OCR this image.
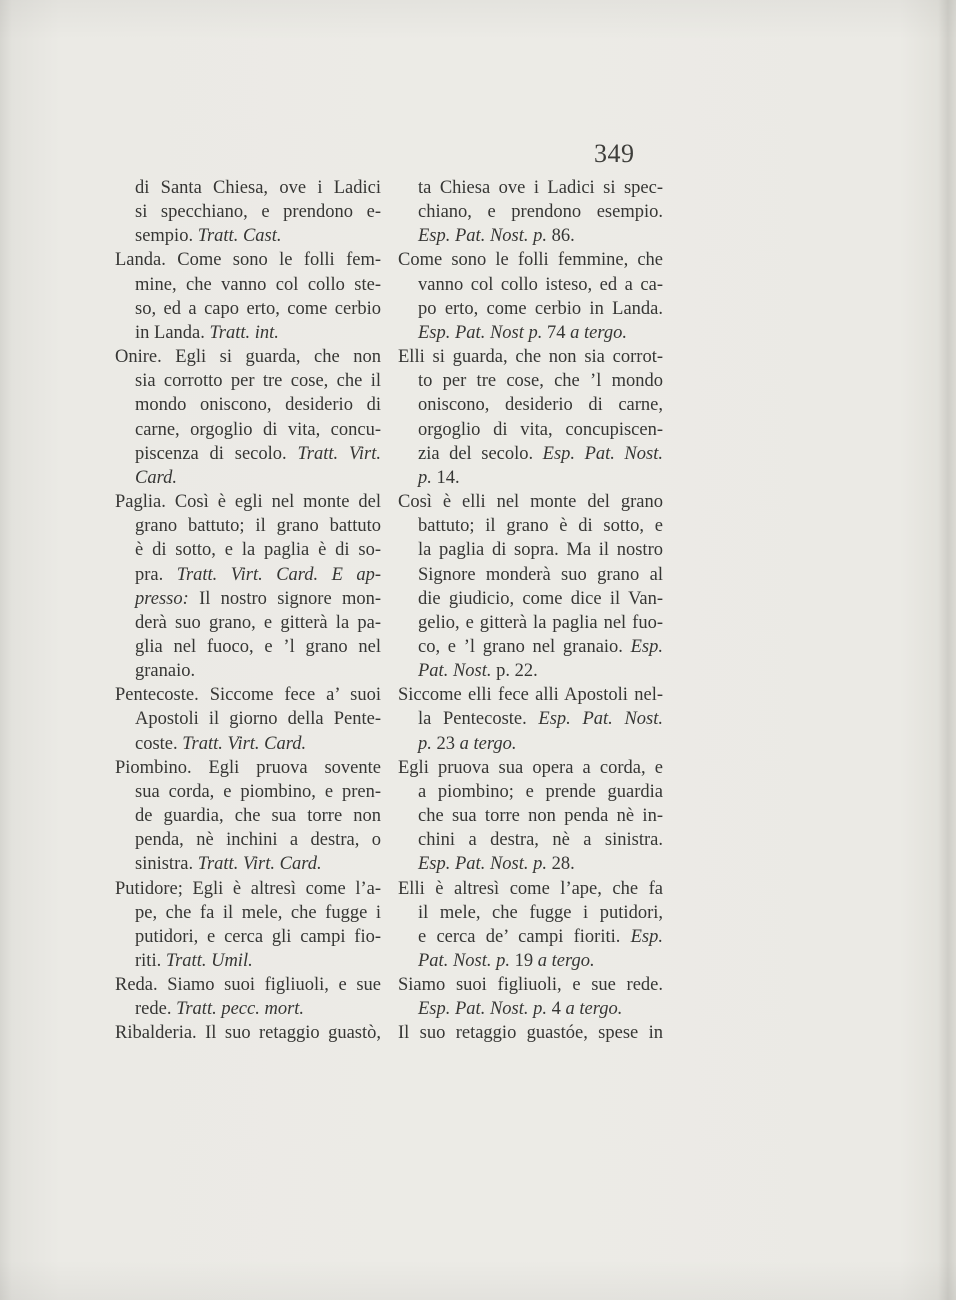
349
di Santa Chiesa, ove i Ladici
si specchiano, e prendono e-
sempio. Tratt. Cast.
Landa. Come sono le folli fem-
mine, che vanno col collo ste-
so, ed a capo erto, come cerbio
in Landa. Tratt. int.
Onire. Egli si guarda, che non
sia corrotto per tre cose, che il
mondo oniscono, desiderio di
carne, orgoglio di vita, concu-
piscenza di secolo. Tratt. Virt.
Card.
Paglia. Così è egli nel monte del
grano battuto; il grano battuto
è di sotto, e la paglia è di so-
pra. Tratt. Virt. Card. E ap-
presso: Il nostro signore mon-
derà suo grano, e gitterà la pa-
glia nel fuoco, e ’l grano nel
granaio.
Pentecoste. Siccome fece a’ suoi
Apostoli il giorno della Pente-
coste. Tratt. Virt. Card.
Piombino. Egli pruova sovente
sua corda, e piombino, e pren-
de guardia, che sua torre non
penda, nè inchini a destra, o
sinistra. Tratt. Virt. Card.
Putidore; Egli è altresì come l’a-
pe, che fa il mele, che fugge i
putidori, e cerca gli campi fio-
riti. Tratt. Umil.
Reda. Siamo suoi figliuoli, e sue
rede. Tratt. pecc. mort.
Ribalderia. Il suo retaggio guastò,
ta Chiesa ove i Ladici si spec-
chiano, e prendono esempio.
Esp. Pat. Nost. p. 86.
Come sono le folli femmine, che
vanno col collo isteso, ed a ca-
po erto, come cerbio in Landa.
Esp. Pat. Nost p. 74 a tergo.
Elli si guarda, che non sia corrot-
to per tre cose, che ’l mondo
oniscono, desiderio di carne,
orgoglio di vita, concupiscen-
zia del secolo. Esp. Pat. Nost.
p. 14.
Così è elli nel monte del grano
battuto; il grano è di sotto, e
la paglia di sopra. Ma il nostro
Signore monderà suo grano al
die giudicio, come dice il Van-
gelio, e gitterà la paglia nel fuo-
co, e ’l grano nel granaio. Esp.
Pat. Nost. p. 22.
Siccome elli fece alli Apostoli nel-
la Pentecoste. Esp. Pat. Nost.
p. 23 a tergo.
Egli pruova sua opera a corda, e
a piombino; e prende guardia
che sua torre non penda nè in-
chini a destra, nè a sinistra.
Esp. Pat. Nost. p. 28.
Elli è altresì come l’ape, che fa
il mele, che fugge i putidori,
e cerca de’ campi fioriti. Esp.
Pat. Nost. p. 19 a tergo.
Siamo suoi figliuoli, e sue rede.
Esp. Pat. Nost. p. 4 a tergo.
Il suo retaggio guastóe, spese in
